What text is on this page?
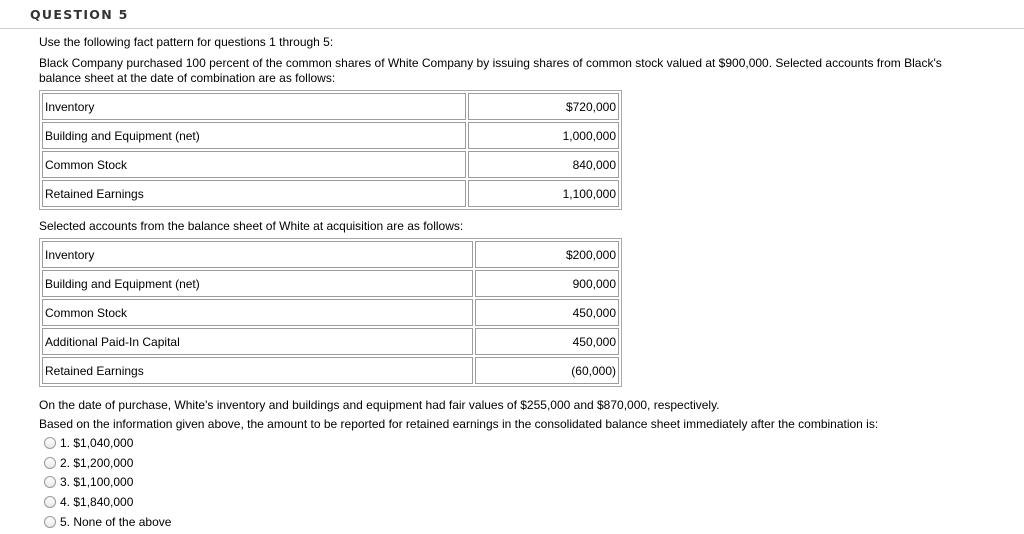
QUESTION 5

Use the following fact pattern for questions 1 through 5:

Black Company purchased 100 percent of the common shares of White Company by issuing shares of common stock valued at $900,000. Selected accounts from Black's

balance sheet at the date of combination are as follows:

Inventory	$720,000
Building and Equipment (net)	1,000,000
Common Stock	840,000
Retained Earnings	1,100,000
Selected accounts from the balance sheet of White at acquisition are as follows:
Inventory	$200,000
Building and Equipment (net)	900,000
Common Stock	450,000
Additional Paid-In Capital	450,000
Retained Earnings	(60,000)
On the date of purchase, White's inventory and buildings and equipment had fair values of $255,000 and $870,000, respectively.
Based on the information given above, the amount to be reported for retained earnings in the consolidated balance sheet immediately after the combination is:
1. $1,040,000
2. $1,200,000
3. $1,100,000
4. $1,840,000
5. None of the above
